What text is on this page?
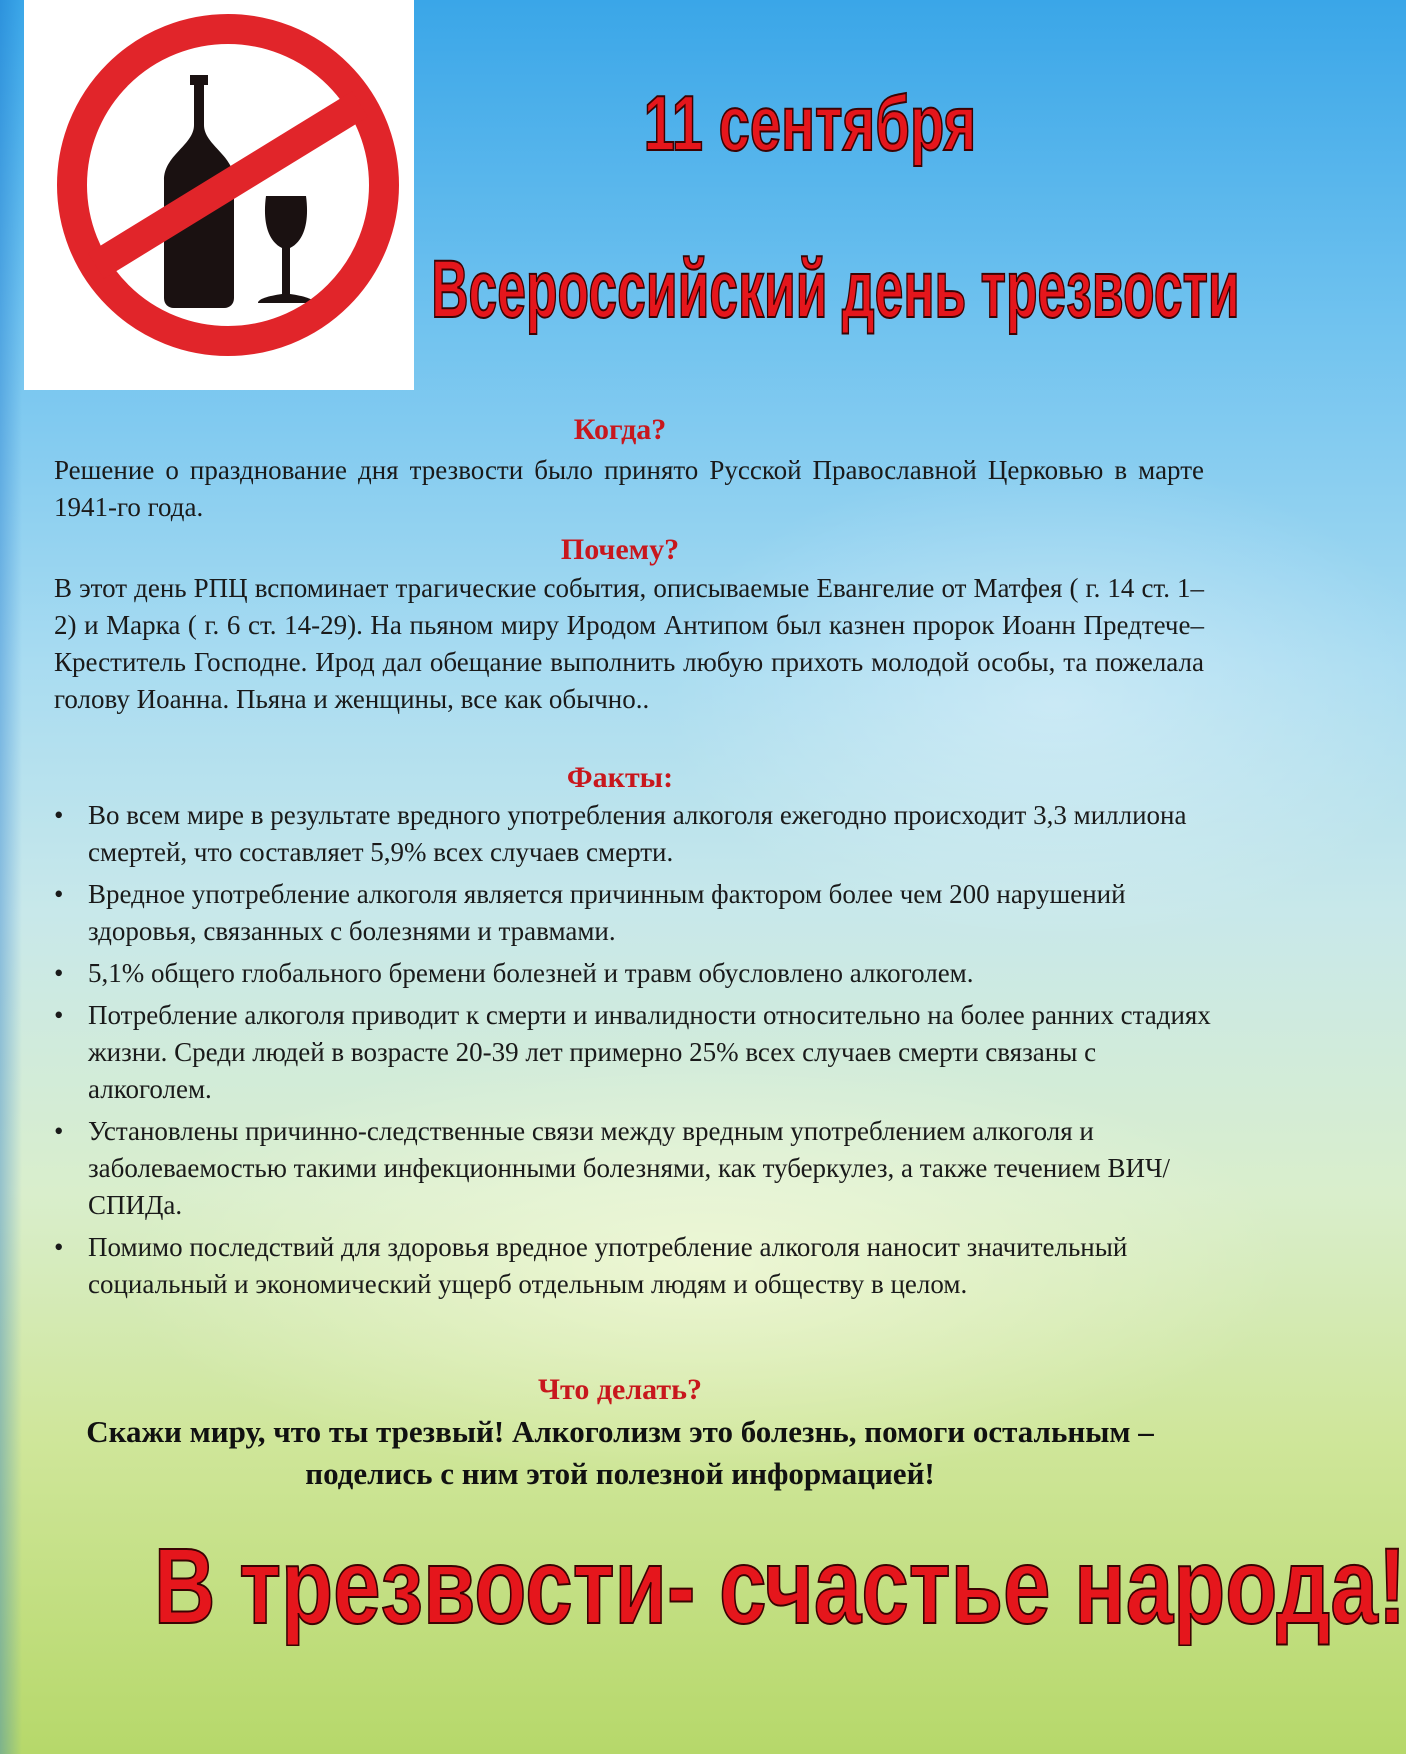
11 сентября
Всероссийский день трезвости
Когда?
Решение о празднование дня трезвости было принято Русской Православной Церковью в марте 1941-го года.
Почему?
В этот день РПЦ вспоминает трагические события, описываемые Евангелие от Матфея ( г. 14 ст. 1– 2) и Марка ( г. 6 ст. 14-29). На пьяном миру Иродом Антипом был казнен пророк Иоанн Предтече– Креститель Господне. Ирод дал обещание выполнить любую прихоть молодой особы, та пожелала голову Иоанна. Пьяна и женщины, все как обычно..
Факты:
• Во всем мире в результате вредного употребления алкоголя ежегодно происходит 3,3 миллиона смертей, что составляет 5,9% всех случаев смерти.
• Вредное употребление алкоголя является причинным фактором более чем 200 нарушений здоровья, связанных с болезнями и травмами.
• 5,1% общего глобального бремени болезней и травм обусловлено алкоголем.
• Потребление алкоголя приводит к смерти и инвалидности относительно на более ранних стадиях жизни. Среди людей в возрасте 20-39 лет примерно 25% всех случаев смерти связаны с алкоголем.
• Установлены причинно-следственные связи между вредным употреблением алкоголя и заболеваемостью такими инфекционными болезнями, как туберкулез, а также течением ВИЧ/СПИДа.
• Помимо последствий для здоровья вредное употребление алкоголя наносит значительный социальный и экономический ущерб отдельным людям и обществу в целом.
Что делать?
Скажи миру, что ты трезвый! Алкоголизм это болезнь, помоги остальным –поделись с ним этой полезной информацией!
В трезвости- счастье народа!
